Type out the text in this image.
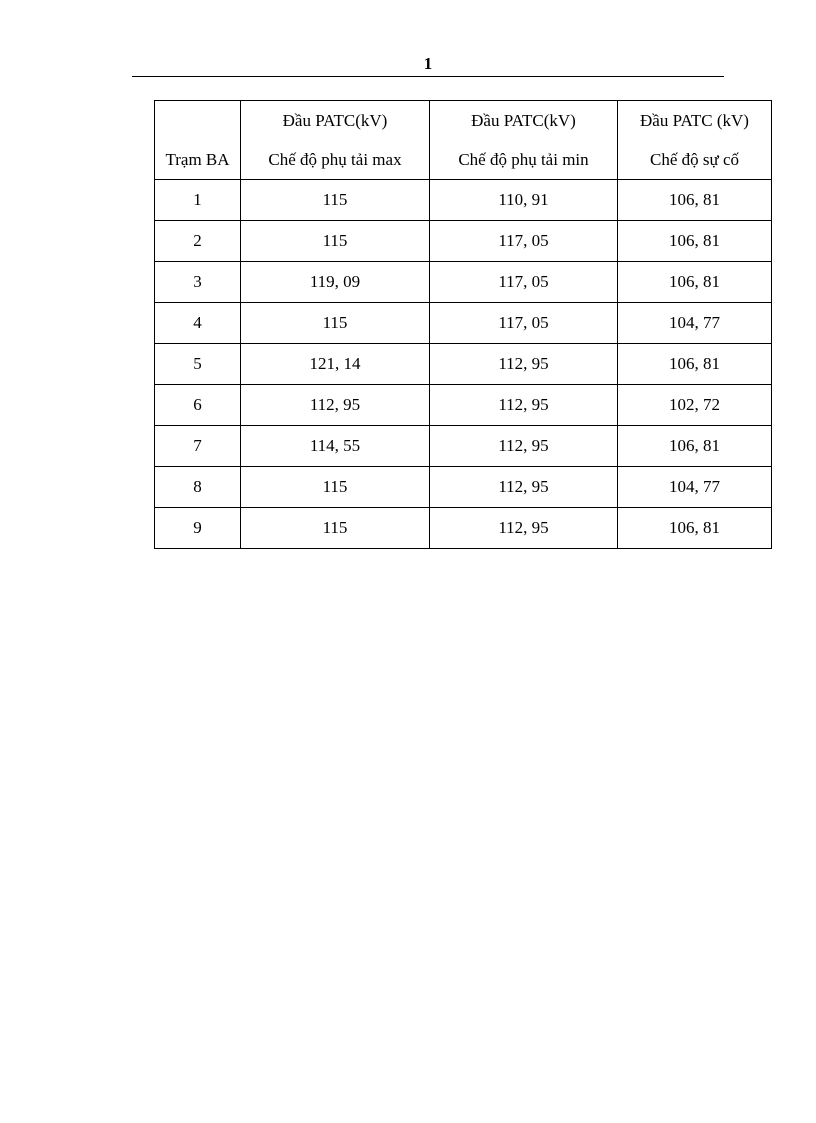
1
	Đầu PATC(kV)	Đầu PATC(kV)	Đầu PATC (kV)
Trạm BA	Chế độ phụ tải max	Chế độ phụ tải min	Chế độ sự cố
1	115	110, 91	106, 81
2	115	117, 05	106, 81
3	119, 09	117, 05	106, 81
4	115	117, 05	104, 77
5	121, 14	112, 95	106, 81
6	112, 95	112, 95	102, 72
7	114, 55	112, 95	106, 81
8	115	112, 95	104, 77
9	115	112, 95	106, 81
